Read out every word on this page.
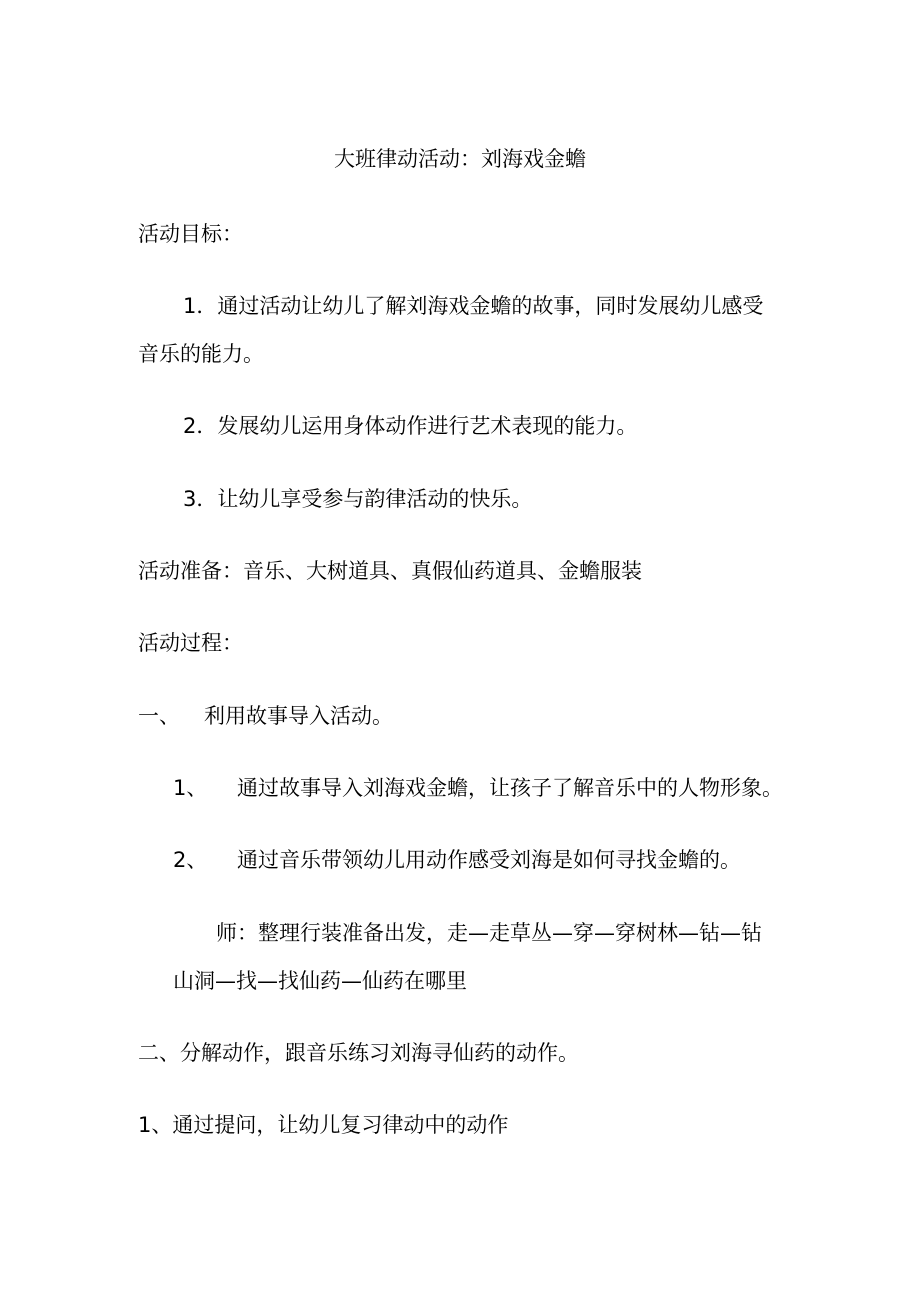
大班律动活动：刘海戏金蟾
活动目标：
1．通过活动让幼儿了解刘海戏金蟾的故事，同时发展幼儿感受
音乐的能力。
2．发展幼儿运用身体动作进行艺术表现的能力。
3．让幼儿享受参与韵律活动的快乐。
活动准备：音乐、大树道具、真假仙药道具、金蟾服装
活动过程：
一、 利用故事导入活动。
1、 通过故事导入刘海戏金蟾，让孩子了解音乐中的人物形象。
2、 通过音乐带领幼儿用动作感受刘海是如何寻找金蟾的。
师：整理行装准备出发，走—走草丛—穿—穿树林—钻—钻
山洞—找—找仙药—仙药在哪里
二、分解动作，跟音乐练习刘海寻仙药的动作。
1、通过提问，让幼儿复习律动中的动作
